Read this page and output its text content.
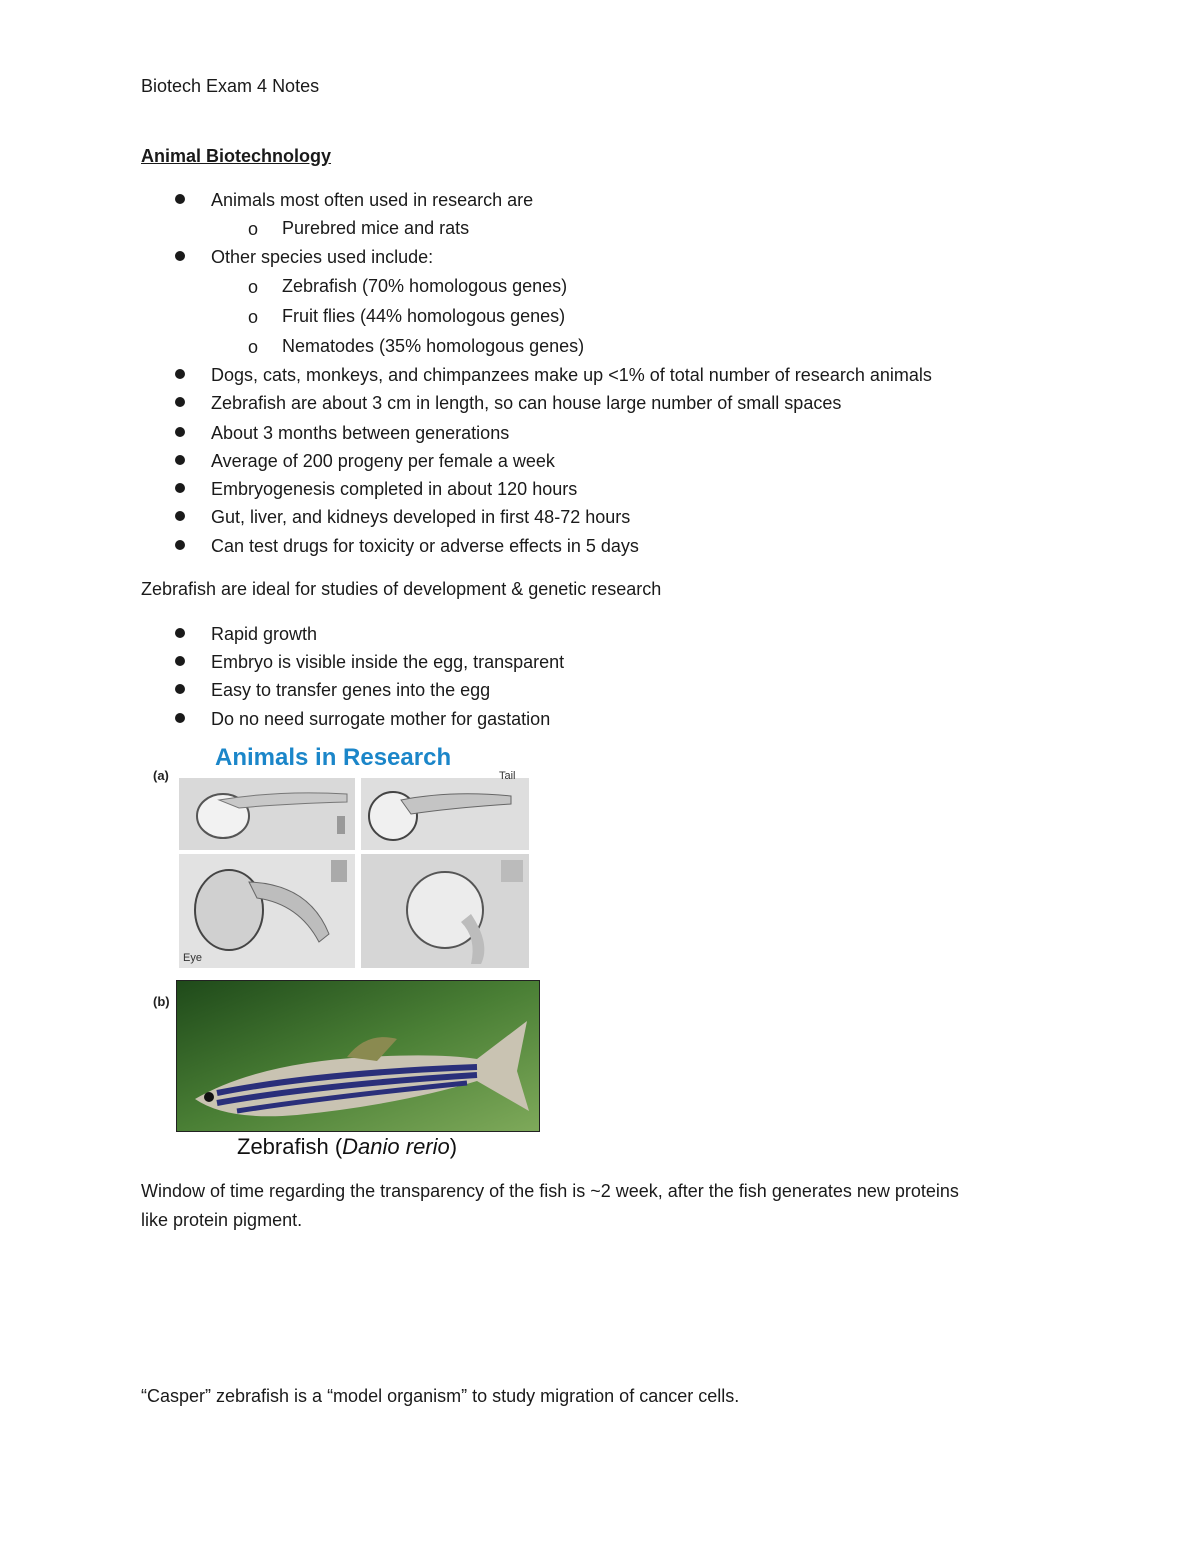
Biotech Exam 4 Notes
Animal Biotechnology
Animals most often used in research are
o Purebred mice and rats
Other species used include:
o Zebrafish (70% homologous genes)
o Fruit flies (44% homologous genes)
o Nematodes (35% homologous genes)
Dogs, cats, monkeys, and chimpanzees make up <1% of total number of research animals
Zebrafish are about 3 cm in length, so can house large number of small spaces
About 3 months between generations
Average of 200 progeny per female a week
Embryogenesis completed in about 120 hours
Gut, liver, and kidneys developed in first 48-72 hours
Can test drugs for toxicity or adverse effects in 5 days
Zebrafish are ideal for studies of development & genetic research
Rapid growth
Embryo is visible inside the egg, transparent
Easy to transfer genes into the egg
Do no need surrogate mother for gastation
Animals in Research
(a)	Tail
Eye
(b)
Zebrafish (Danio rerio)
Window of time regarding the transparency of the fish is ~2 week, after the fish generates new proteins
like protein pigment.
“Casper” zebrafish is a “model organism” to study migration of cancer cells.
